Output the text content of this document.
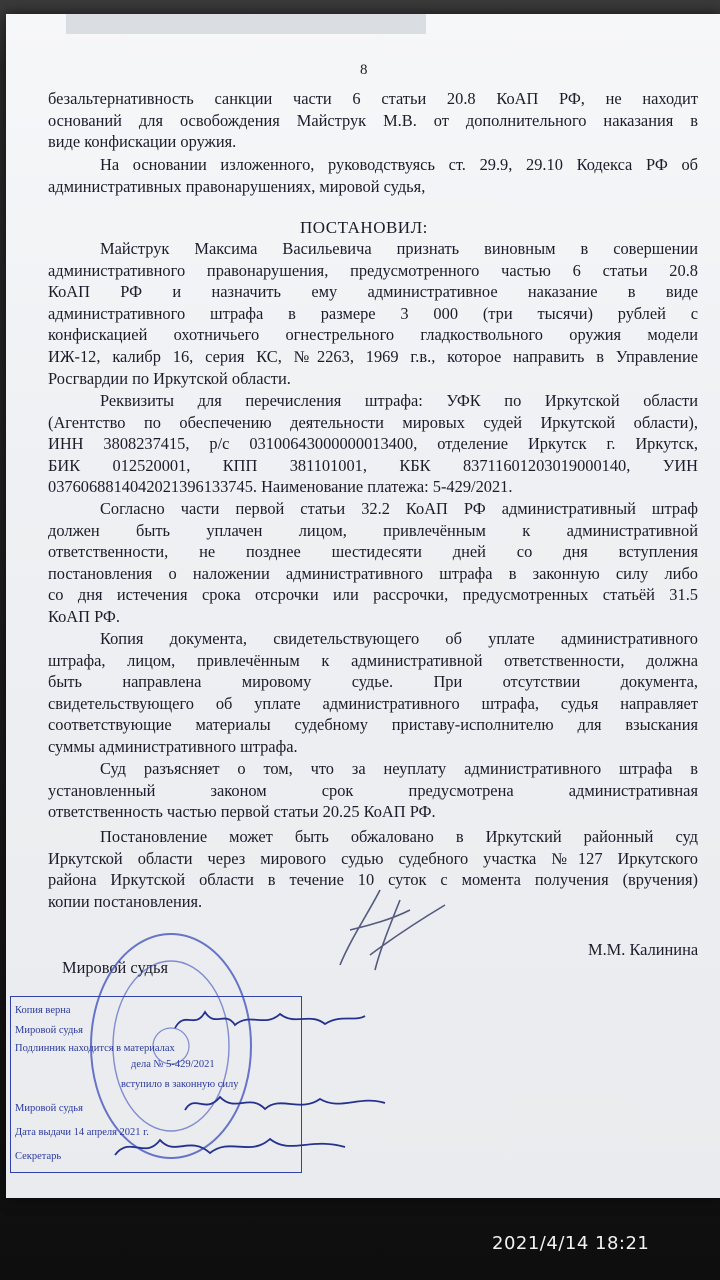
8
безальтернативность санкции части 6 статьи 20.8 КоАП РФ, не находит
оснований для освобождения Майструк М.В. от дополнительного наказания в
виде конфискации оружия.
На основании изложенного, руководствуясь ст. 29.9, 29.10 Кодекса РФ об
административных правонарушениях, мировой судья,
ПОСТАНОВИЛ:
Майструк Максима Васильевича признать виновным в совершении
административного правонарушения, предусмотренного частью 6 статьи 20.8
КоАП РФ и назначить ему административное наказание в виде
административного штрафа в размере 3 000 (три тысячи) рублей с
конфискацией охотничьего огнестрельного гладкоствольного оружия модели
ИЖ-12, калибр 16, серия КС, №2263, 1969 г.в., которое направить в Управление
Росгвардии по Иркутской области.
Реквизиты для перечисления штрафа: УФК по Иркутской области
(Агентство по обеспечению деятельности мировых судей Иркутской области),
ИНН 3808237415, р/с 03100643000000013400, отделение Иркутск г. Иркутск,
БИК 012520001, КПП 381101001, КБК 83711601203019000140, УИН
0376068814042021396133745. Наименование платежа: 5-429/2021.
Согласно части первой статьи 32.2 КоАП РФ административный штраф
должен быть уплачен лицом, привлечённым к административной
ответственности, не позднее шестидесяти дней со дня вступления
постановления о наложении административного штрафа в законную силу либо
со дня истечения срока отсрочки или рассрочки, предусмотренных статьёй 31.5
КоАП РФ.
Копия документа, свидетельствующего об уплате административного
штрафа, лицом, привлечённым к административной ответственности, должна
быть направлена мировому судье. При отсутствии документа,
свидетельствующего об уплате административного штрафа, судья направляет
соответствующие материалы судебному приставу-исполнителю для взыскания
суммы административного штрафа.
Суд разъясняет о том, что за неуплату административного штрафа в
установленный законом срок предусмотрена административная
ответственность частью первой статьи 20.25 КоАП РФ.
Постановление может быть обжаловано в Иркутский районный суд
Иркутской области через мирового судью судебного участка №127 Иркутского
района Иркутской области в течение 10 суток с момента получения (вручения)
копии постановления.
М.М. Калинина
Мировой судья
Копия верна
Мировой судья
Подлинник находится в материалах
дела № 5-429/2021
вступило в законную силу
Мировой судья
Дата выдачи 14 апреля 2021 г.
Секретарь
2021/4/14 18:21
